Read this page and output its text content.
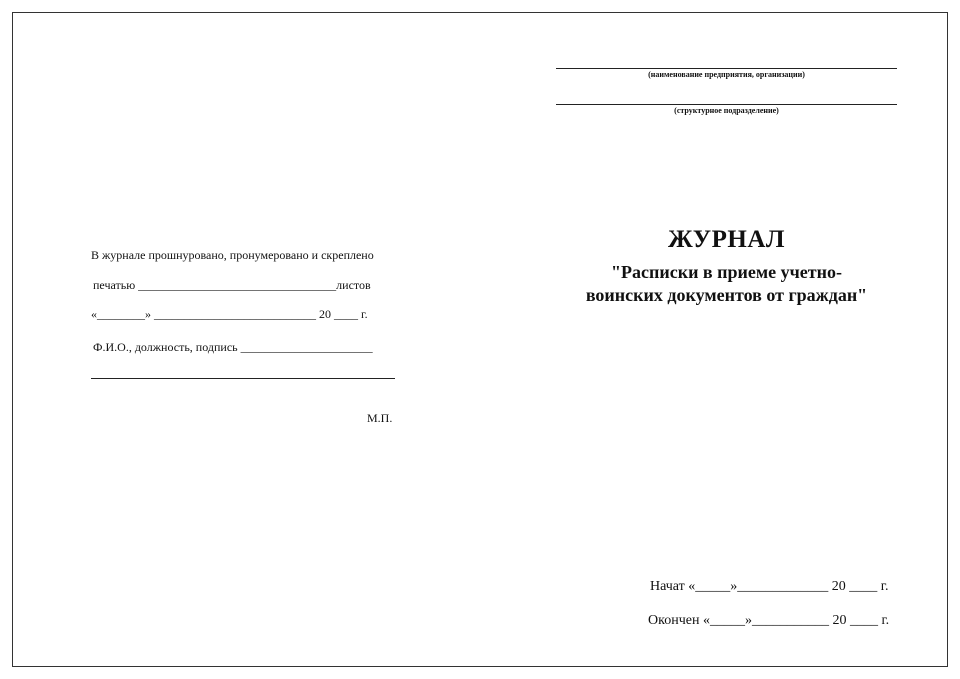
(наименование предприятия, организации)
(структурное подразделение)
ЖУРНАЛ
"Расписки в приеме учетно-
воинских документов от граждан"
В журнале прошнуровано, пронумеровано и скреплено
печатью _________________________________листов
«________» ___________________________ 20 ____ г.
Ф.И.О., должность, подпись ______________________
М.П.
Начат «_____»_____________ 20 ____ г.
Окончен «_____»___________ 20 ____ г.
